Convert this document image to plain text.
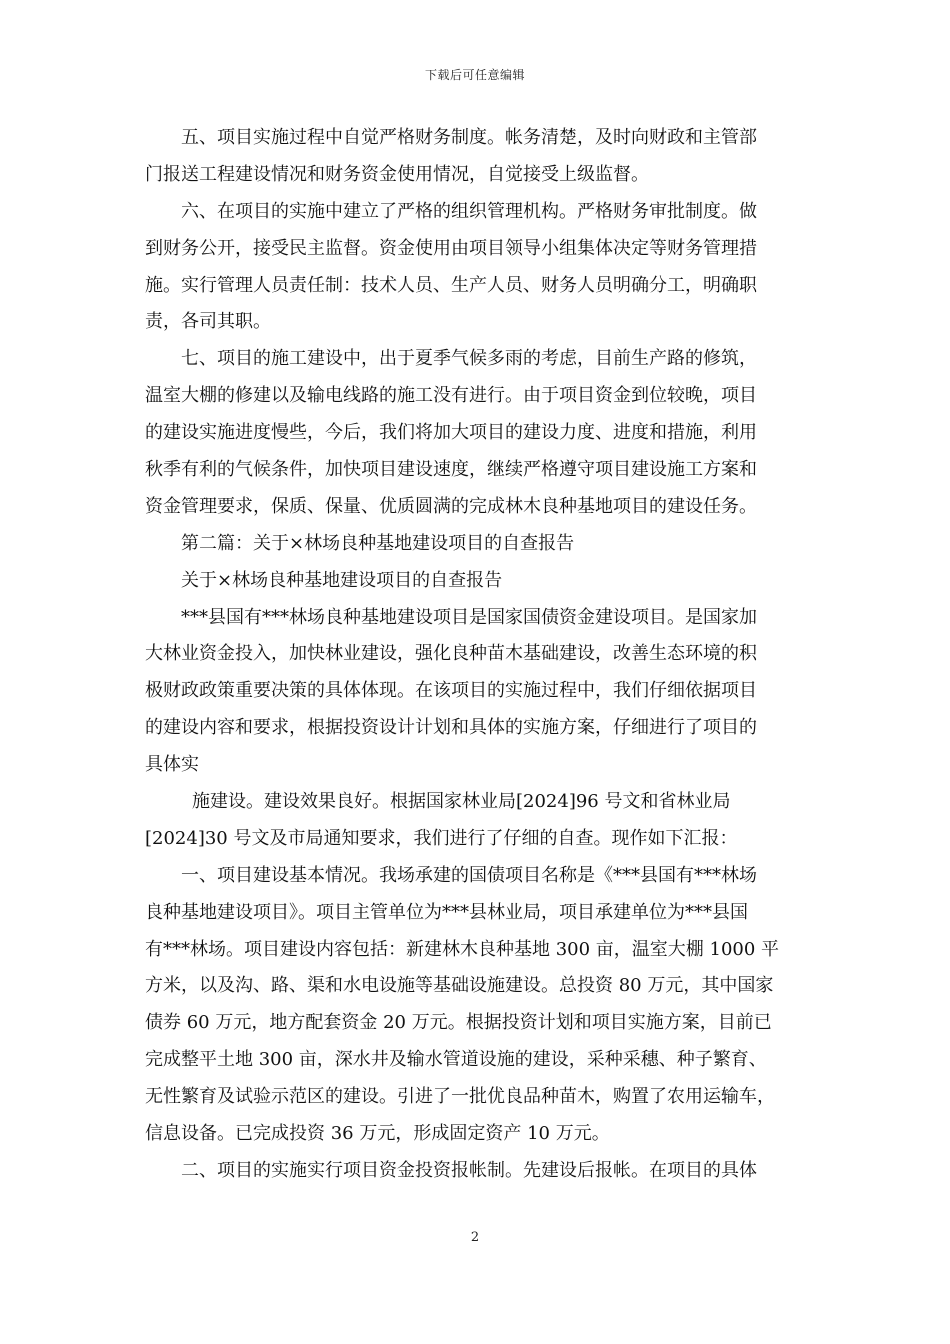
下载后可任意编辑
五、项目实施过程中自觉严格财务制度。帐务清楚，及时向财政和主管部
门报送工程建设情况和财务资金使用情况，自觉接受上级监督。
六、在项目的实施中建立了严格的组织管理机构。严格财务审批制度。做
到财务公开，接受民主监督。资金使用由项目领导小组集体决定等财务管理措
施。实行管理人员责任制：技术人员、生产人员、财务人员明确分工，明确职
责，各司其职。
七、项目的施工建设中，出于夏季气候多雨的考虑，目前生产路的修筑，
温室大棚的修建以及输电线路的施工没有进行。由于项目资金到位较晚，项目
的建设实施进度慢些，今后，我们将加大项目的建设力度、进度和措施，利用
秋季有利的气候条件，加快项目建设速度，继续严格遵守项目建设施工方案和
资金管理要求，保质、保量、优质圆满的完成林木良种基地项目的建设任务。
第二篇：关于×林场良种基地建设项目的自查报告
关于×林场良种基地建设项目的自查报告
***县国有***林场良种基地建设项目是国家国债资金建设项目。是国家加
大林业资金投入，加快林业建设，强化良种苗木基础建设，改善生态环境的积
极财政政策重要决策的具体体现。在该项目的实施过程中，我们仔细依据项目
的建设内容和要求，根据投资设计计划和具体的实施方案，仔细进行了项目的
具体实
施建设。建设效果良好。根据国家林业局[2024]96 号文和省林业局
[2024]30 号文及市局通知要求，我们进行了仔细的自查。现作如下汇报：
一、项目建设基本情况。我场承建的国债项目名称是《***县国有***林场
良种基地建设项目》。项目主管单位为***县林业局，项目承建单位为***县国
有***林场。项目建设内容包括：新建林木良种基地 300 亩，温室大棚 1000 平
方米，以及沟、路、渠和水电设施等基础设施建设。总投资 80 万元，其中国家
债券 60 万元，地方配套资金 20 万元。根据投资计划和项目实施方案，目前已
完成整平土地 300 亩，深水井及输水管道设施的建设，采种采穗、种子繁育、
无性繁育及试验示范区的建设。引进了一批优良品种苗木，购置了农用运输车，
信息设备。已完成投资 36 万元，形成固定资产 10 万元。
二、项目的实施实行项目资金投资报帐制。先建设后报帐。在项目的具体
2
